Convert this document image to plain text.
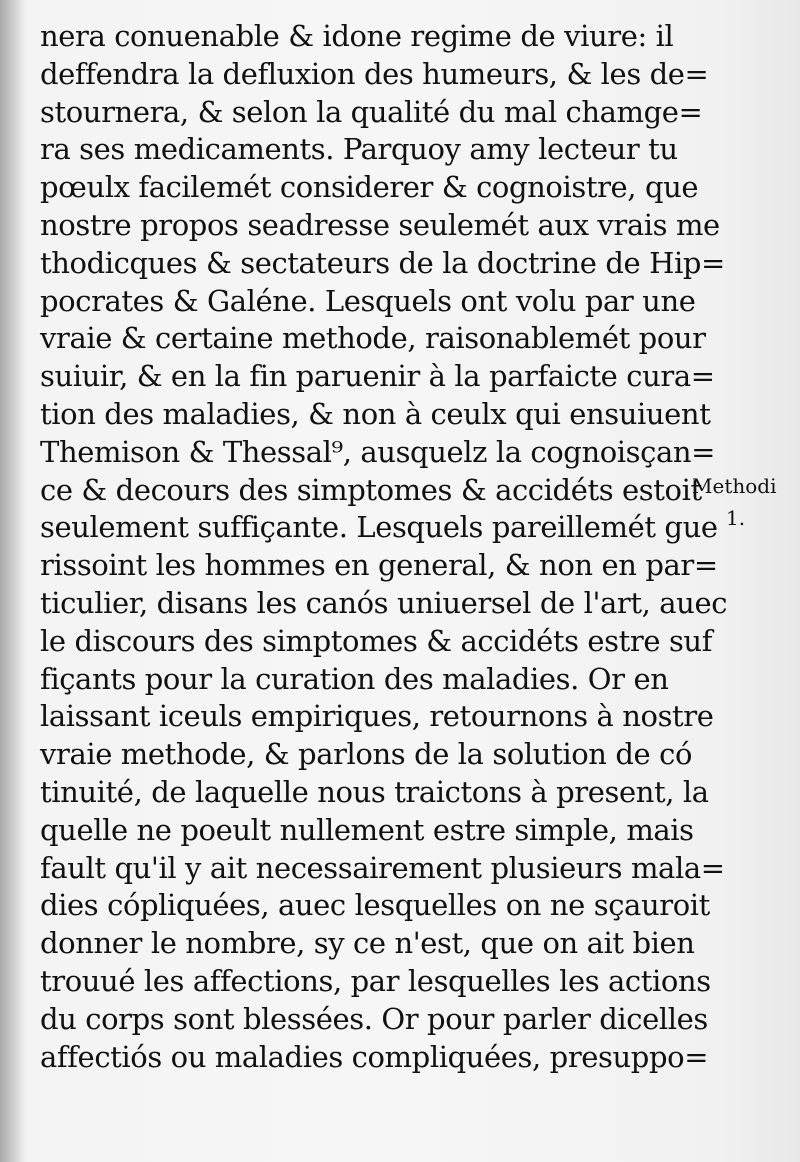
nera conuenable & idone regime de viure: il
deffendra la defluxion des humeurs, & les de=
stournera, & selon la qualité du mal chamge=
ra ses medicaments. Parquoy amy lecteur tu
pœulx facilemét considerer & cognoistre, que
nostre propos seadresse seulemét aux vrais me
thodicques & sectateurs de la doctrine de Hip=
pocrates & Galéne. Lesquels ont volu par une
vraie & certaine methode, raisonablemét pour
suiuir, & en la fin paruenir à la parfaicte cura=
tion des maladies, & non à ceulx qui ensuiuent
Themison & Thessal⁹, ausquelz la cognoisçan=
ce & decours des simptomes & accidéts estoit
seulement suffiçante. Lesquels pareillemét gue
rissoint les hommes en general, & non en par=
ticulier, disans les canós uniuersel de l'art, auec
le discours des simptomes & accidéts estre suf
fiçants pour la curation des maladies. Or en
laissant iceuls empiriques, retournons à nostre
vraie methode, & parlons de la solution de có
tinuité, de laquelle nous traictons à present, la
quelle ne poeult nullement estre simple, mais
fault qu'il y ait necessairement plusieurs mala=
dies cópliquées, auec lesquelles on ne sçauroit
donner le nombre, sy ce n'est, que on ait bien
trouué les affections, par lesquelles les actions
du corps sont blessées. Or pour parler dicelles
affectiós ou maladies compliquées, presuppo=
Methodi
1.
